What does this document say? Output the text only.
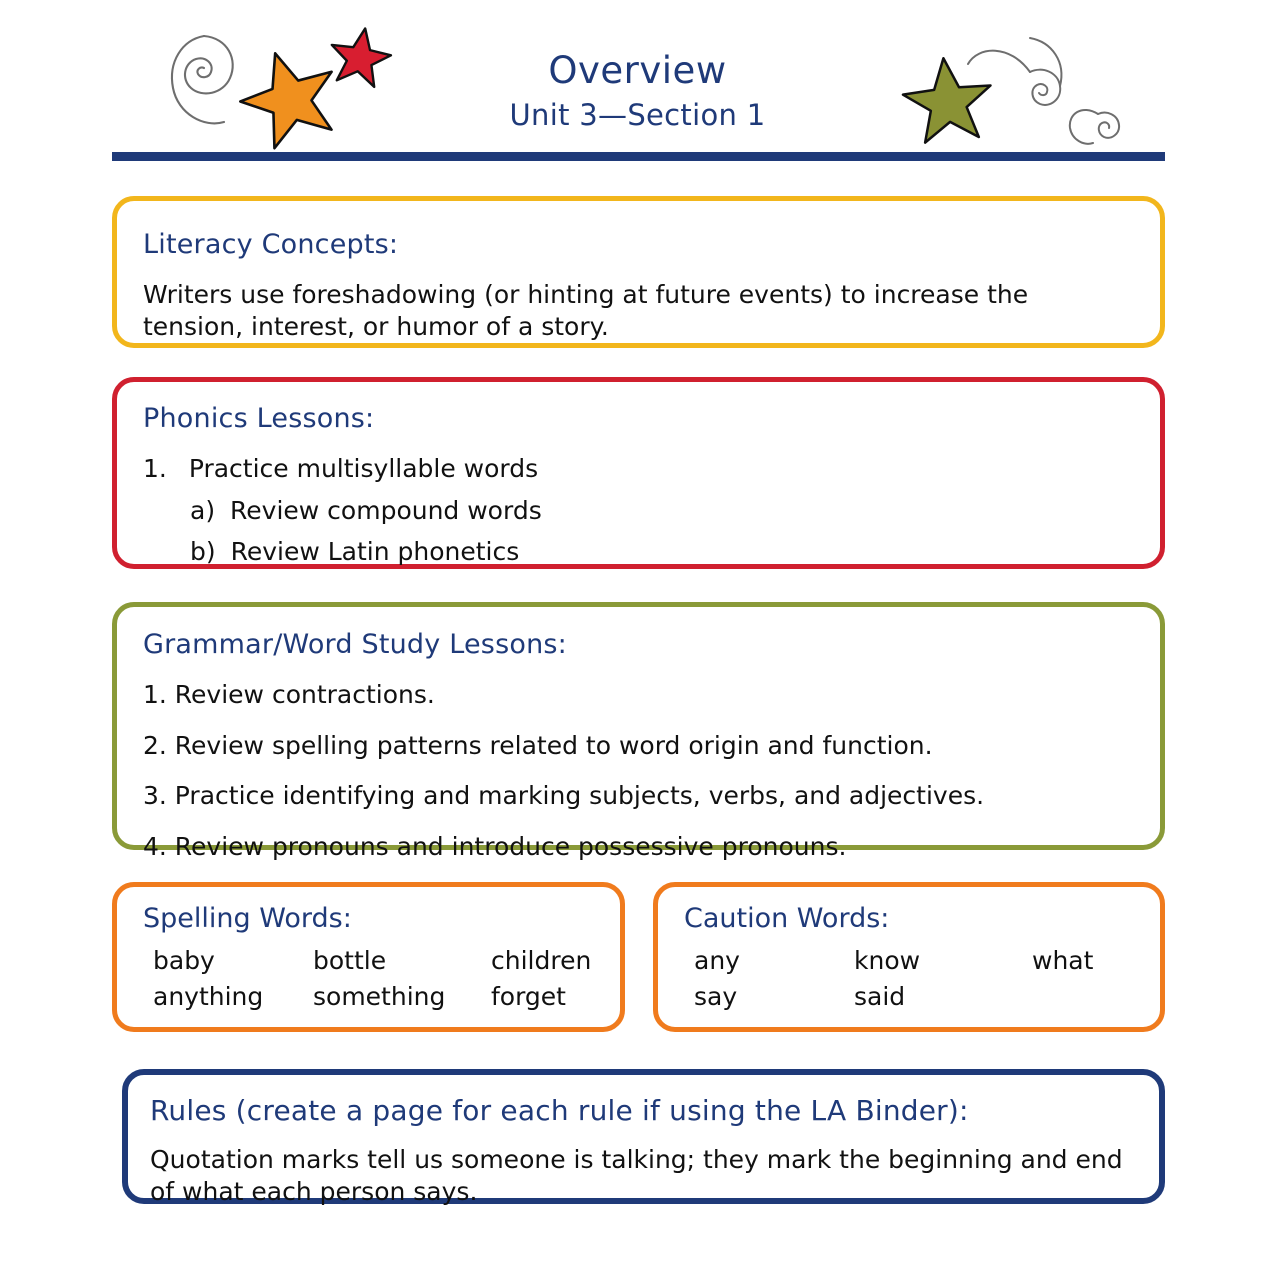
Overview
Unit 3—Section 1
Literacy Concepts:
Writers use foreshadowing (or hinting at future events) to increase the tension, interest, or humor of a story.
Phonics Lessons:
1. Practice multisyllable words
a) Review compound words
b) Review Latin phonetics
Grammar/Word Study Lessons:
1. Review contractions.
2. Review spelling patterns related to word origin and function.
3. Practice identifying and marking subjects, verbs, and adjectives.
4. Review pronouns and introduce possessive pronouns.
Spelling Words:
baby	bottle	children
anything	something	forget
Caution Words:
any	know	what
say	said
Rules (create a page for each rule if using the LA Binder):
Quotation marks tell us someone is talking; they mark the beginning and end of what each person says.
